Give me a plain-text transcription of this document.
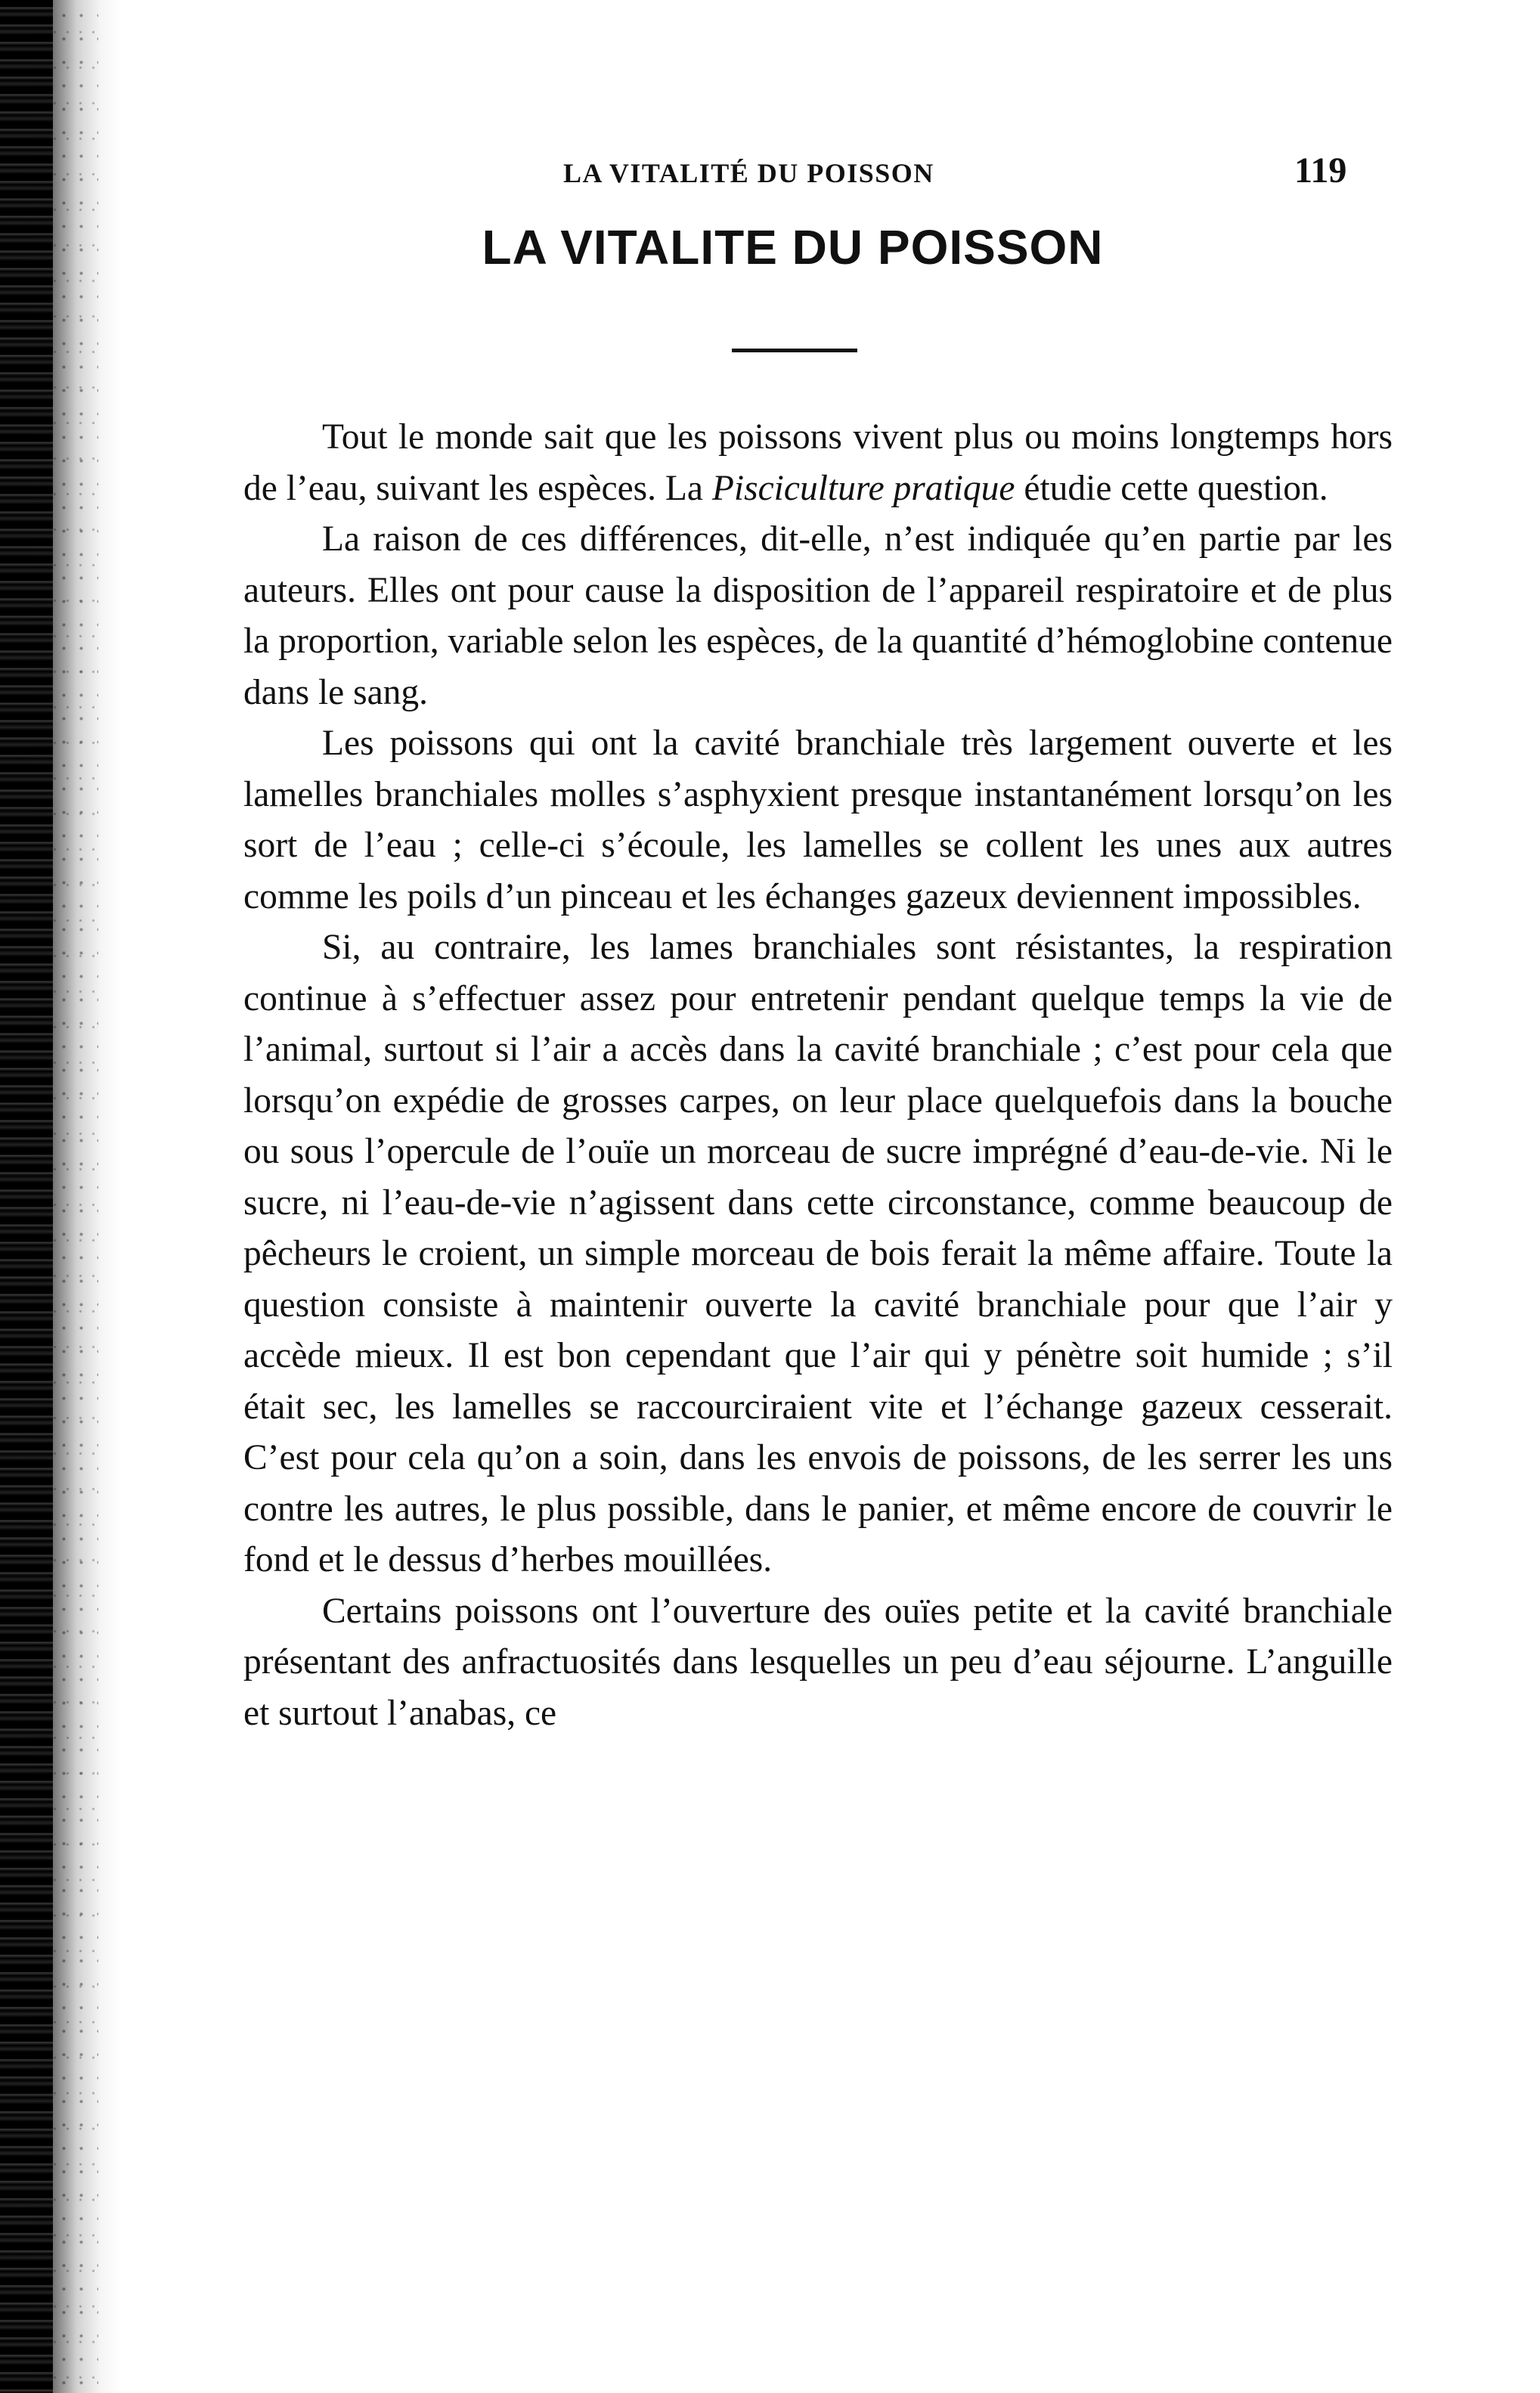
LA VITALITÉ DU POISSON	119
LA VITALITE DU POISSON

Tout le monde sait que les poissons vivent plus ou moins longtemps hors de l’eau, suivant les espèces. La Pisciculture pratique étudie cette question.

La raison de ces différences, dit-elle, n’est indiquée qu’en partie par les auteurs. Elles ont pour cause la disposition de l’appareil respiratoire et de plus la proportion, variable selon les espèces, de la quantité d’hémoglobine contenue dans le sang.

Les poissons qui ont la cavité branchiale très largement ouverte et les lamelles branchiales molles s’asphyxient presque instantanément lorsqu’on les sort de l’eau ; celle-ci s’écoule, les lamelles se collent les unes aux autres comme les poils d’un pinceau et les échanges gazeux deviennent impossibles.

Si, au contraire, les lames branchiales sont résistantes, la respiration continue à s’effectuer assez pour entretenir pendant quelque temps la vie de l’animal, surtout si l’air a accès dans la cavité branchiale ; c’est pour cela que lorsqu’on expédie de grosses carpes, on leur place quelquefois dans la bouche ou sous l’opercule de l’ouïe un morceau de sucre imprégné d’eau-de-vie. Ni le sucre, ni l’eau-de-vie n’agissent dans cette circonstance, comme beaucoup de pêcheurs le croient, un simple morceau de bois ferait la même affaire. Toute la question consiste à maintenir ouverte la cavité branchiale pour que l’air y accède mieux. Il est bon cependant que l’air qui y pénètre soit humide ; s’il était sec, les lamelles se raccourciraient vite et l’échange gazeux cesserait. C’est pour cela qu’on a soin, dans les envois de poissons, de les serrer les uns contre les autres, le plus possible, dans le panier, et même encore de couvrir le fond et le dessus d’herbes mouillées.

Certains poissons ont l’ouverture des ouïes petite et la cavité branchiale présentant des anfractuosités dans lesquelles un peu d’eau séjourne. L’anguille et surtout l’anabas, ce
